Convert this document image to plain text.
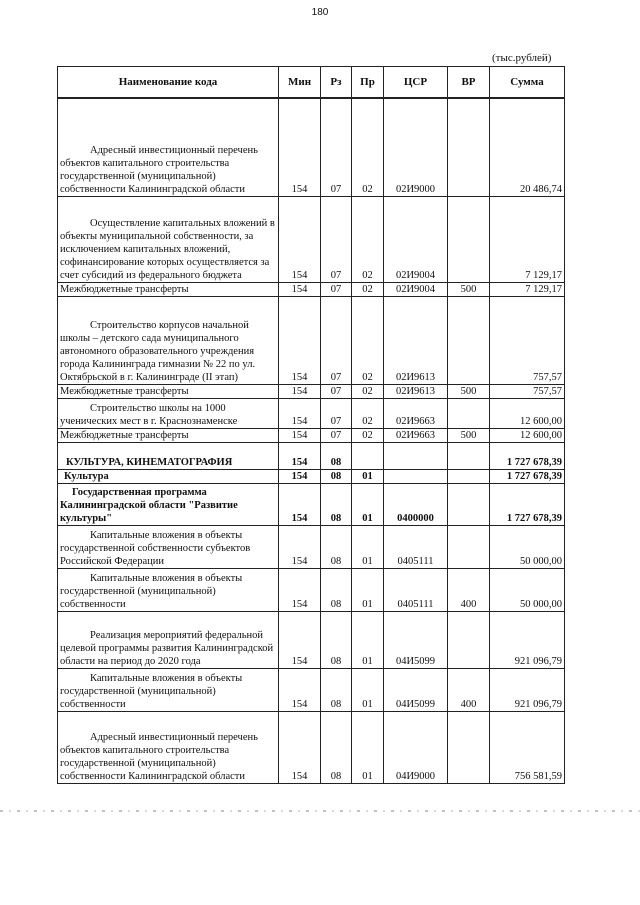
180
(тыс.рублей)
Наименование кода	Мин	Рз	Пр	ЦСР	ВР	Сумма
Адресный инвестиционный перечень объектов капитального строительства государственной (муниципальной) собственности Калининградской области	154	07	02	02И9000		20 486,74
Осуществление капитальных вложений в объекты муниципальной собственности, за исключением капитальных вложений, софинансирование которых осуществляется за счет субсидий из федерального бюджета	154	07	02	02И9004		7 129,17
Межбюджетные трансферты	154	07	02	02И9004	500	7 129,17
Строительство корпусов начальной школы – детского сада муниципального автономного образовательного учреждения города Калининграда гимназии № 22 по ул. Октябрьской в г. Калининграде (II этап)	154	07	02	02И9613		757,57
Межбюджетные трансферты	154	07	02	02И9613	500	757,57
Строительство школы на 1000 ученических мест в г. Краснознаменске	154	07	02	02И9663		12 600,00
Межбюджетные трансферты	154	07	02	02И9663	500	12 600,00
КУЛЬТУРА, КИНЕМАТОГРАФИЯ	154	08				1 727 678,39
Культура	154	08	01			1 727 678,39
Государственная программа Калининградской области "Развитие культуры"	154	08	01	0400000		1 727 678,39
Капитальные вложения в объекты государственной собственности субъектов Российской Федерации	154	08	01	0405111		50 000,00
Капитальные вложения в объекты государственной (муниципальной) собственности	154	08	01	0405111	400	50 000,00
Реализация мероприятий федеральной целевой программы развития Калининградской области на период до 2020 года	154	08	01	04И5099		921 096,79
Капитальные вложения в объекты государственной (муниципальной) собственности	154	08	01	04И5099	400	921 096,79
Адресный инвестиционный перечень объектов капитального строительства государственной (муниципальной) собственности Калининградской области	154	08	01	04И9000		756 581,59
